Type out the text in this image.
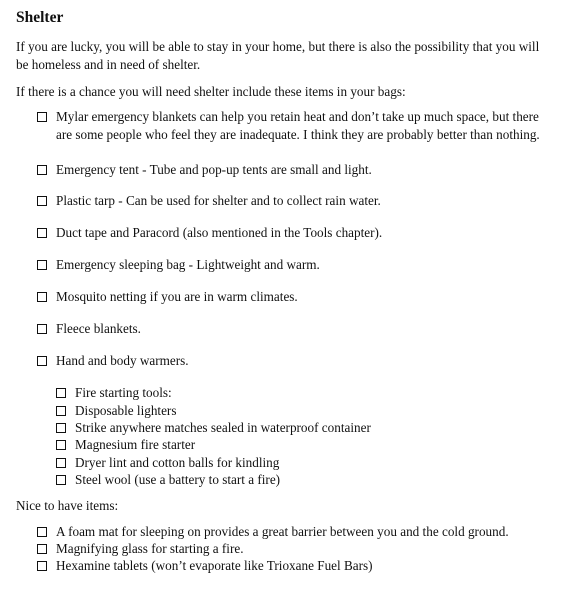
Shelter
If you are lucky, you will be able to stay in your home, but there is also the possibility that you will be homeless and in need of shelter.
If there is a chance you will need shelter include these items in your bags:
Mylar emergency blankets can help you retain heat and don’t take up much space, but there are some people who feel they are inadequate. I think they are probably better than nothing.
Emergency tent - Tube and pop-up tents are small and light.
Plastic tarp - Can be used for shelter and to collect rain water.
Duct tape and Paracord (also mentioned in the Tools chapter).
Emergency sleeping bag - Lightweight and warm.
Mosquito netting if you are in warm climates.
Fleece blankets.
Hand and body warmers.
Fire starting tools:
Disposable lighters
Strike anywhere matches sealed in waterproof container
Magnesium fire starter
Dryer lint and cotton balls for kindling
Steel wool (use a battery to start a fire)
Nice to have items:
A foam mat for sleeping on provides a great barrier between you and the cold ground.
Magnifying glass for starting a fire.
Hexamine tablets (won’t evaporate like Trioxane Fuel Bars)
